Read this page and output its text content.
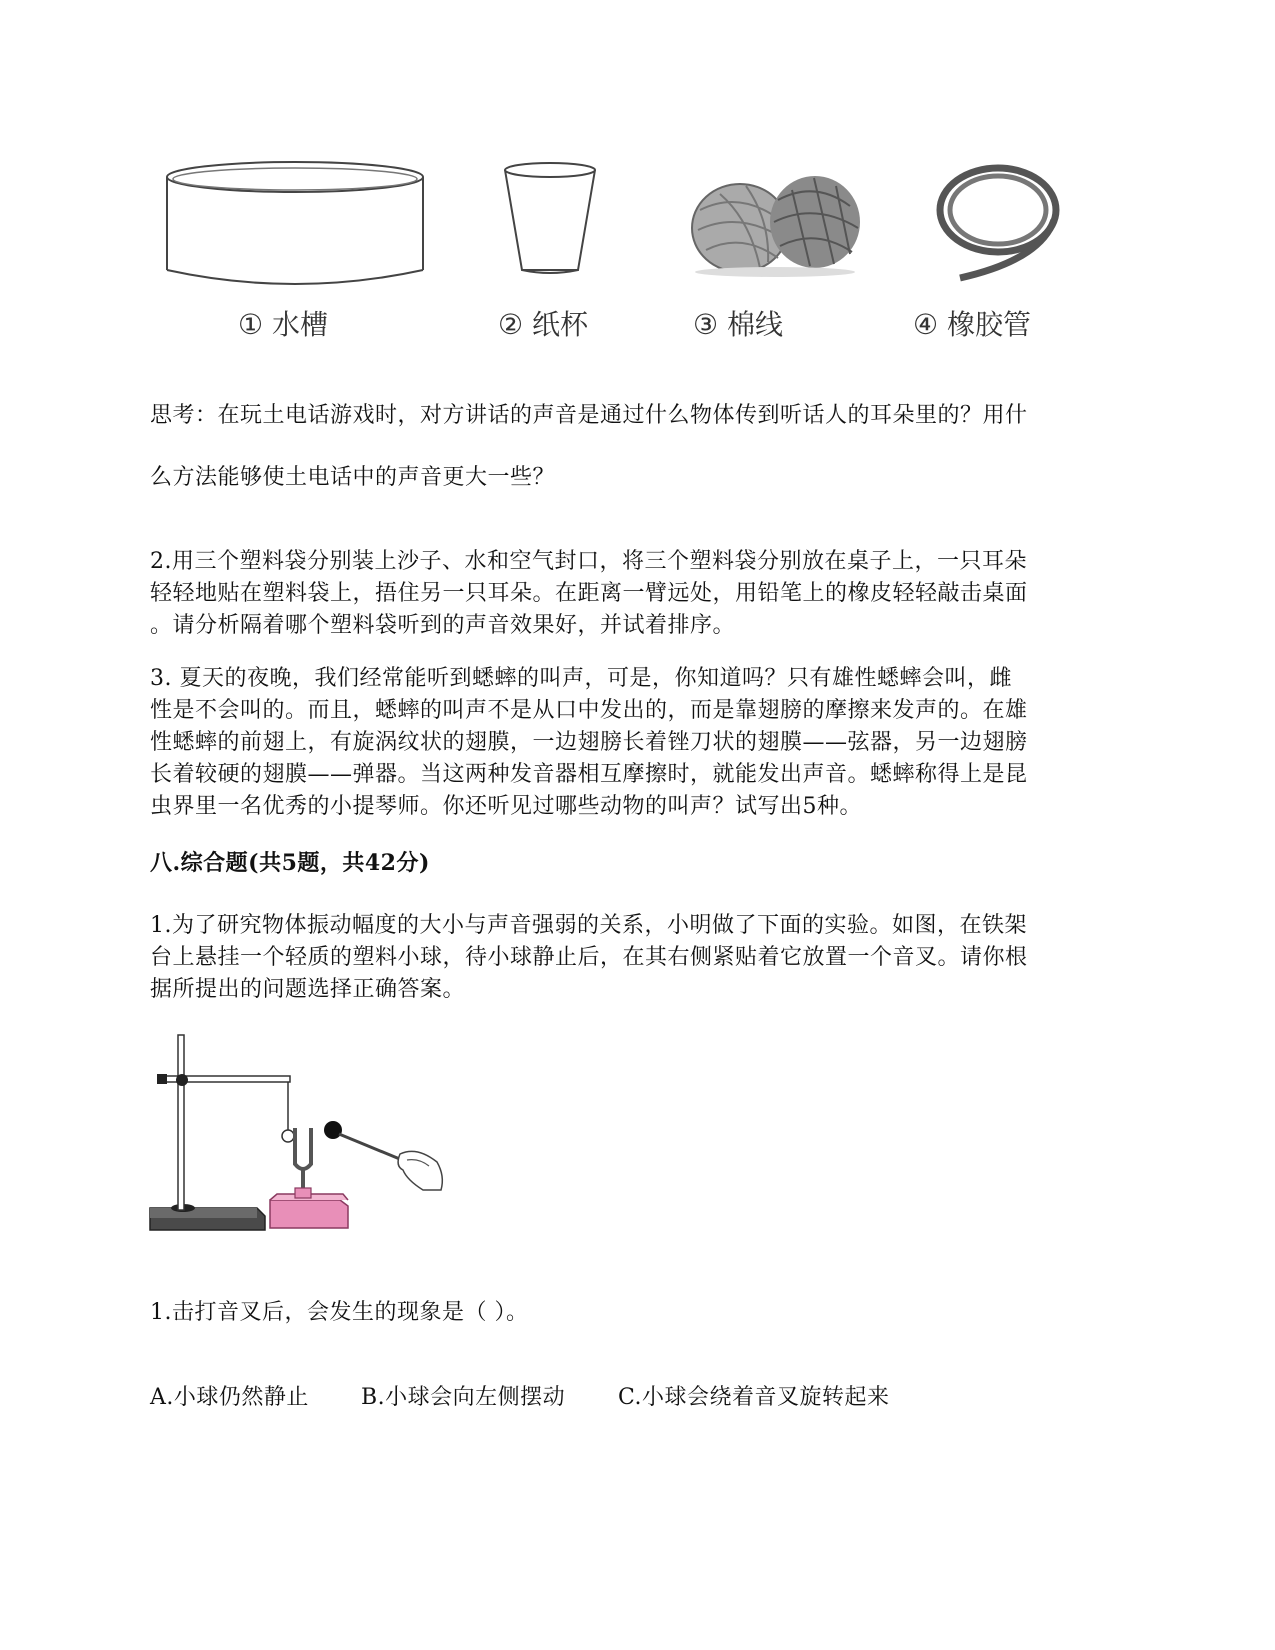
① 水槽	② 纸杯	③ 棉线	④ 橡胶管
思考：在玩土电话游戏时，对方讲话的声音是通过什么物体传到听话人的耳朵里的？用什
么方法能够使土电话中的声音更大一些？
2.用三个塑料袋分别装上沙子、水和空气封口，将三个塑料袋分别放在桌子上，一只耳朵
轻轻地贴在塑料袋上，捂住另一只耳朵。在距离一臂远处，用铅笔上的橡皮轻轻敲击桌面
。请分析隔着哪个塑料袋听到的声音效果好，并试着排序。
3. 夏天的夜晚，我们经常能听到蟋蟀的叫声，可是，你知道吗？只有雄性蟋蟀会叫，雌
性是不会叫的。而且，蟋蟀的叫声不是从口中发出的，而是靠翅膀的摩擦来发声的。在雄
性蟋蟀的前翅上，有旋涡纹状的翅膜，一边翅膀长着锉刀状的翅膜——弦器，另一边翅膀
长着较硬的翅膜——弹器。当这两种发音器相互摩擦时，就能发出声音。蟋蟀称得上是昆
虫界里一名优秀的小提琴师。你还听见过哪些动物的叫声？试写出5种。
八.综合题(共5题，共42分)
1.为了研究物体振动幅度的大小与声音强弱的关系，小明做了下面的实验。如图，在铁架
台上悬挂一个轻质的塑料小球，待小球静止后，在其右侧紧贴着它放置一个音叉。请你根
据所提出的问题选择正确答案。
1.击打音叉后，会发生的现象是（ ）。
A.小球仍然静止 B.小球会向左侧摆动 C.小球会绕着音叉旋转起来
